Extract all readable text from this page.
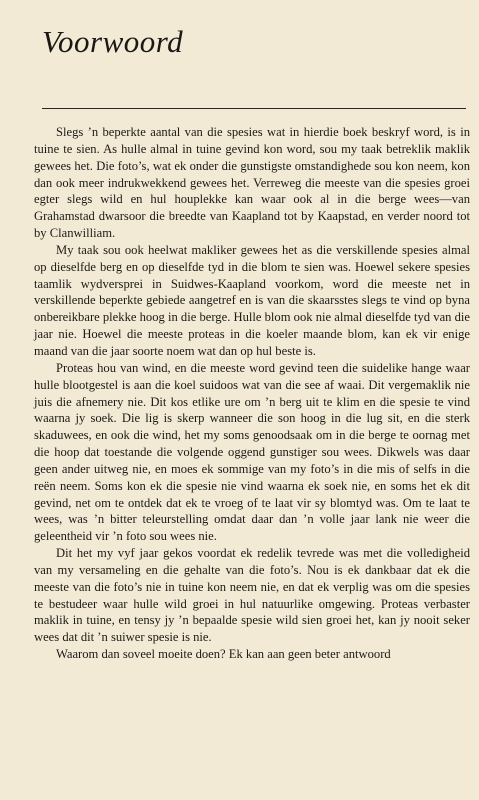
Voorwoord

Slegs ’n beperkte aantal van die spesies wat in hierdie boek beskryf word, is in tuine te sien. As hulle almal in tuine gevind kon word, sou my taak betreklik maklik gewees het. Die foto’s, wat ek onder die gunstigste omstandighede sou kon neem, kon dan ook meer indrukwekkend gewees het. Verreweg die meeste van die spesies groei egter slegs wild en hul houplekke kan waar ook al in die berge wees—van Grahamstad dwarsoor die breedte van Kaapland tot by Kaapstad, en verder noord tot by Clanwilliam.

My taak sou ook heelwat makliker gewees het as die verskillende spesies almal op dieselfde berg en op dieselfde tyd in die blom te sien was. Hoewel sekere spesies taamlik wydversprei in Suidwes-Kaapland voorkom, word die meeste net in verskillende beperkte gebiede aangetref en is van die skaarsstes slegs te vind op byna onbereikbare plekke hoog in die berge. Hulle blom ook nie almal dieselfde tyd van die jaar nie. Hoewel die meeste proteas in die koeler maande blom, kan ek vir enige maand van die jaar soorte noem wat dan op hul beste is.

Proteas hou van wind, en die meeste word gevind teen die suidelike hange waar hulle blootgestel is aan die koel suidoos wat van die see af waai. Dit vergemaklik nie juis die afnemery nie. Dit kos etlike ure om ’n berg uit te klim en die spesie te vind waarna jy soek. Die lig is skerp wanneer die son hoog in die lug sit, en die sterk skaduwees, en ook die wind, het my soms genoodsaak om in die berge te oornag met die hoop dat toestande die volgende oggend gunstiger sou wees. Dikwels was daar geen ander uitweg nie, en moes ek sommige van my foto’s in die mis of selfs in die reën neem. Soms kon ek die spesie nie vind waarna ek soek nie, en soms het ek dit gevind, net om te ontdek dat ek te vroeg of te laat vir sy blomtyd was. Om te laat te wees, was ’n bitter teleurstelling omdat daar dan ’n volle jaar lank nie weer die geleentheid vir ’n foto sou wees nie.

Dit het my vyf jaar gekos voordat ek redelik tevrede was met die volledigheid van my versameling en die gehalte van die foto’s. Nou is ek dankbaar dat ek die meeste van die foto’s nie in tuine kon neem nie, en dat ek verplig was om die spesies te bestudeer waar hulle wild groei in hul natuurlike omgewing. Proteas verbaster maklik in tuine, en tensy jy ’n bepaalde spesie wild sien groei het, kan jy nooit seker wees dat dit ’n suiwer spesie is nie.

Waarom dan soveel moeite doen? Ek kan aan geen beter antwoord
